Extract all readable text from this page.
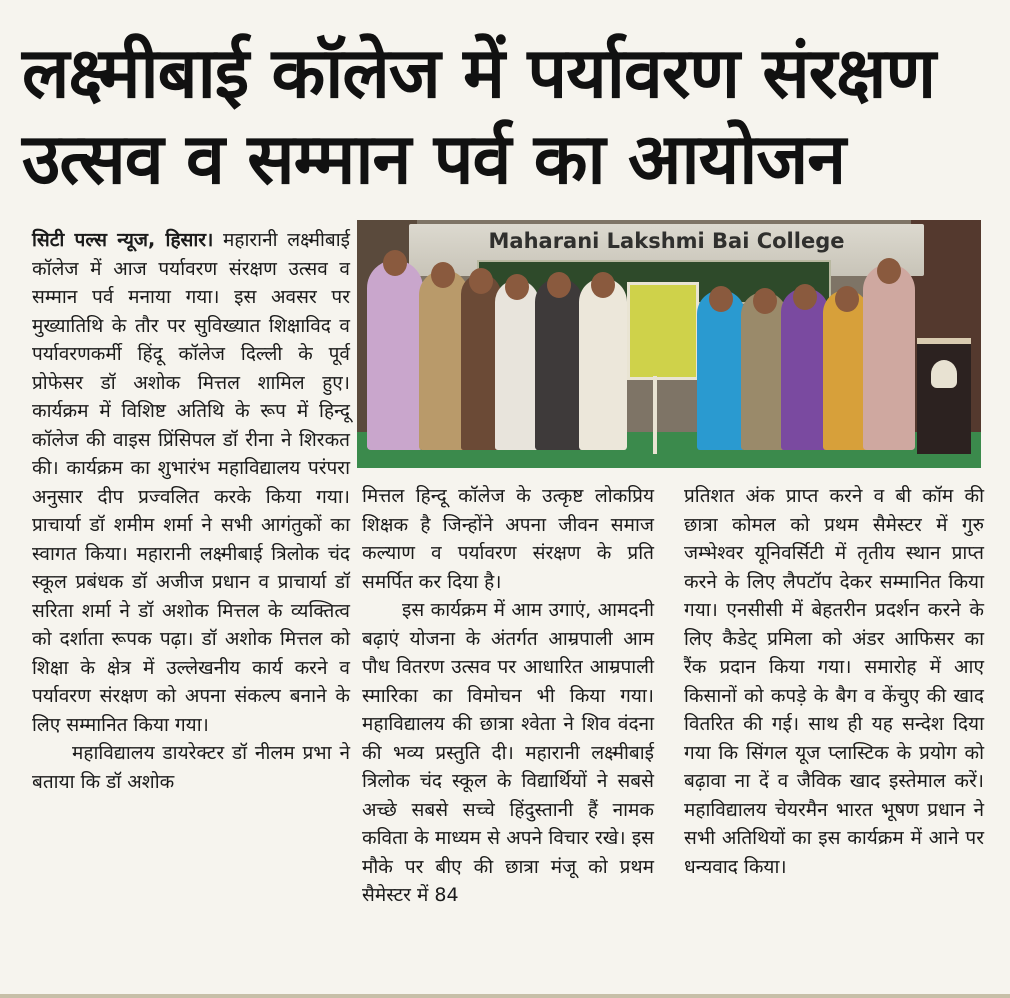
लक्ष्मीबाई कॉलेज में पर्यावरण संरक्षण
उत्सव व सम्मान पर्व का आयोजन
Maharani Lakshmi Bai College

सिटी पल्स न्यूज, हिसार। महारानी लक्ष्मीबाई कॉलेज में आज पर्यावरण संरक्षण उत्सव व सम्मान पर्व मनाया गया। इस अवसर पर मुख्यातिथि के तौर पर सुविख्यात शिक्षाविद व पर्यावरणकर्मी हिंदू कॉलेज दिल्ली के पूर्व प्रोफेसर डॉ अशोक मित्तल शामिल हुए। कार्यक्रम में विशिष्ट अतिथि के रूप में हिन्दू कॉलेज की वाइस प्रिंसिपल डॉ रीना ने शिरकत की। कार्यक्रम का शुभारंभ महाविद्यालय परंपरा अनुसार दीप प्रज्वलित करके किया गया। प्राचार्या डॉ शमीम शर्मा ने सभी आगंतुकों का स्वागत किया। महारानी लक्ष्मीबाई त्रिलोक चंद स्कूल प्रबंधक डॉ अजीज प्रधान व प्राचार्या डॉ सरिता शर्मा ने डॉ अशोक मित्तल के व्यक्तित्व को दर्शाता रूपक पढ़ा। डॉ अशोक मित्तल को शिक्षा के क्षेत्र में उल्लेखनीय कार्य करने व पर्यावरण संरक्षण को अपना संकल्प बनाने के लिए सम्मानित किया गया।

महाविद्यालय डायरेक्टर डॉ नीलम प्रभा ने बताया कि डॉ अशोक

मित्तल हिन्दू कॉलेज के उत्कृष्ट लोकप्रिय शिक्षक है जिन्होंने अपना जीवन समाज कल्याण व पर्यावरण संरक्षण के प्रति समर्पित कर दिया है।

इस कार्यक्रम में आम उगाएं, आमदनी बढ़ाएं योजना के अंतर्गत आम्रपाली आम पौध वितरण उत्सव पर आधारित आम्रपाली स्मारिका का विमोचन भी किया गया। महाविद्यालय की छात्रा श्वेता ने शिव वंदना की भव्य प्रस्तुति दी। महारानी लक्ष्मीबाई त्रिलोक चंद स्कूल के विद्यार्थियों ने सबसे अच्छे सबसे सच्चे हिंदुस्तानी हैं नामक कविता के माध्यम से अपने विचार रखे। इस मौके पर बीए की छात्रा मंजू को प्रथम सैमेस्टर में 84

प्रतिशत अंक प्राप्त करने व बी कॉम की छात्रा कोमल को प्रथम सैमेस्टर में गुरु जम्भेश्वर यूनिवर्सिटी में तृतीय स्थान प्राप्त करने के लिए लैपटॉप देकर सम्मानित किया गया। एनसीसी में बेहतरीन प्रदर्शन करने के लिए कैडेट् प्रमिला को अंडर आफिसर का रैंक प्रदान किया गया। समारोह में आए किसानों को कपड़े के बैग व केंचुए की खाद वितरित की गई। साथ ही यह सन्देश दिया गया कि सिंगल यूज प्लास्टिक के प्रयोग को बढ़ावा ना दें व जैविक खाद इस्तेमाल करें। महाविद्यालय चेयरमैन भारत भूषण प्रधान ने सभी अतिथियों का इस कार्यक्रम में आने पर धन्यवाद किया।
